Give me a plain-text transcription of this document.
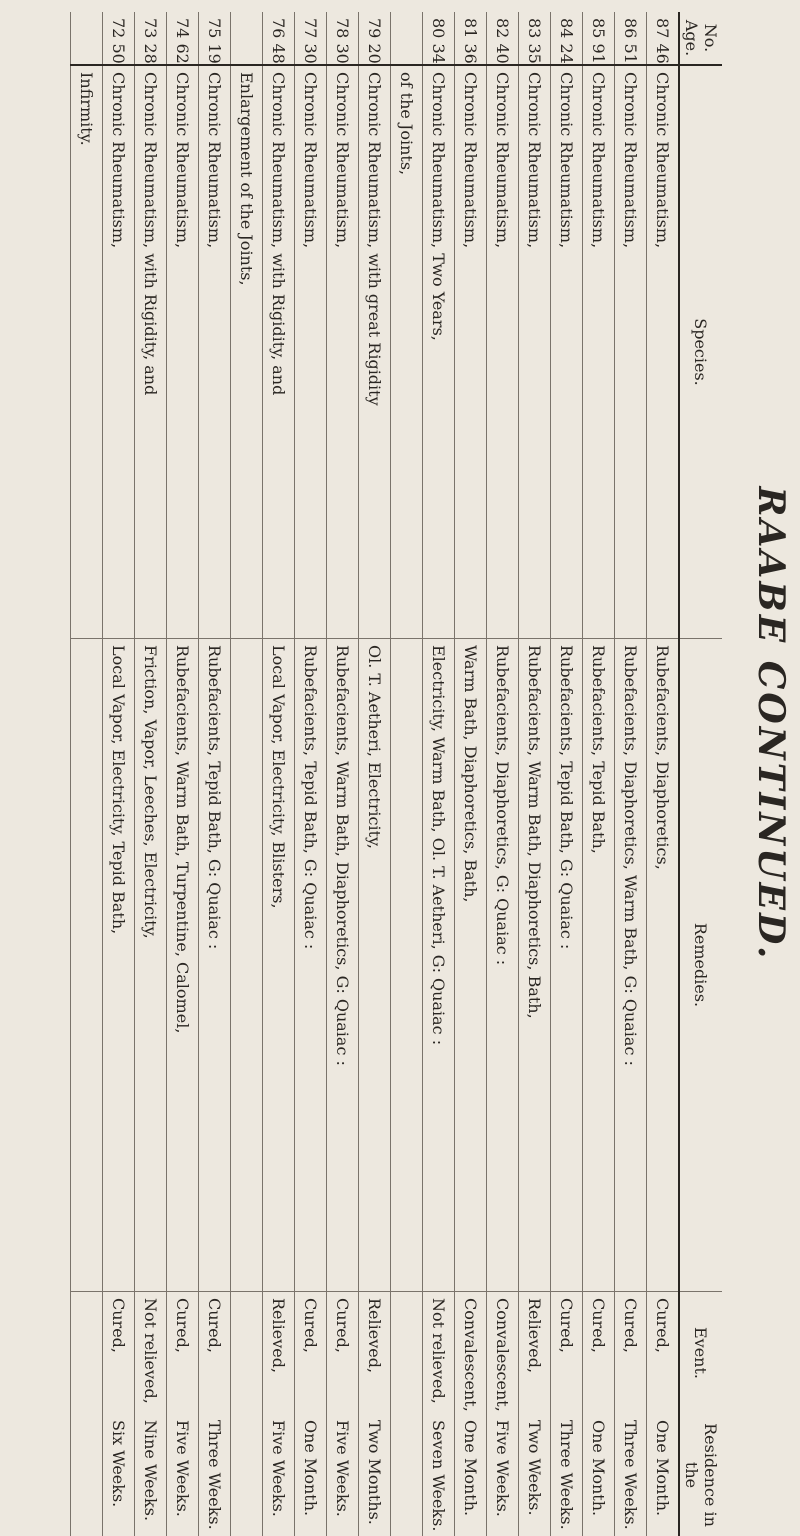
RAABE CONTINUED.
No. Age.	Species.	Remedies.	Event.	Residence in the
87 46	Chronic Rheumatism,	Rubefacients, Diaphoretics,	Cured,	One Month.
86 51	Chronic Rheumatism,	Rubefacients, Diaphoretics, Warm Bath, G: Quaiac :	Cured,	Three Weeks.
85 91	Chronic Rheumatism,	Rubefacients, Tepid Bath,	Cured,	One Month.
84 24	Chronic Rheumatism,	Rubefacients, Tepid Bath, G: Quaiac :	Cured,	Three Weeks.
83 35	Chronic Rheumatism,	Rubefacients, Warm Bath, Diaphoretics, Bath,	Relieved,	Two Weeks.
82 40	Chronic Rheumatism,	Rubefacients, Diaphoretics, G: Quaiac :	Convalescent,	Five Weeks.
81 36	Chronic Rheumatism,	Warm Bath, Diaphoretics, Bath,	Convalescent,	One Month.
80 34	Chronic Rheumatism, Two Years,	Electricity, Warm Bath, Ol. T. Aetheri, G: Quaiac :	Not relieved,	Seven Weeks.
	of the Joints,			
79 20	Chronic Rheumatism, with great Rigidity	Ol. T. Aetheri, Electricity,	Relieved,	Two Months.
78 30	Chronic Rheumatism,	Rubefacients, Warm Bath, Diaphoretics, G: Quaiac :	Cured,	Five Weeks.
77 30	Chronic Rheumatism,	Rubefacients, Tepid Bath, G: Quaiac :	Cured,	One Month.
76 48	Chronic Rheumatism, with Rigidity, and	Local Vapor, Electricity, Blisters,	Relieved,	Five Weeks.
	Enlargement of the Joints,			
75 19	Chronic Rheumatism,	Rubefacients, Tepid Bath, G: Quaiac :	Cured,	Three Weeks.
74 62	Chronic Rheumatism,	Rubefacients, Warm Bath, Turpentine, Calomel,	Cured,	Five Weeks.
73 28	Chronic Rheumatism, with Rigidity, and	Friction, Vapor, Leeches, Electricity,	Not relieved,	Nine Weeks.
72 50	Chronic Rheumatism,	Local Vapor, Electricity, Tepid Bath,	Cured,	Six Weeks.
	Infirmity.			
